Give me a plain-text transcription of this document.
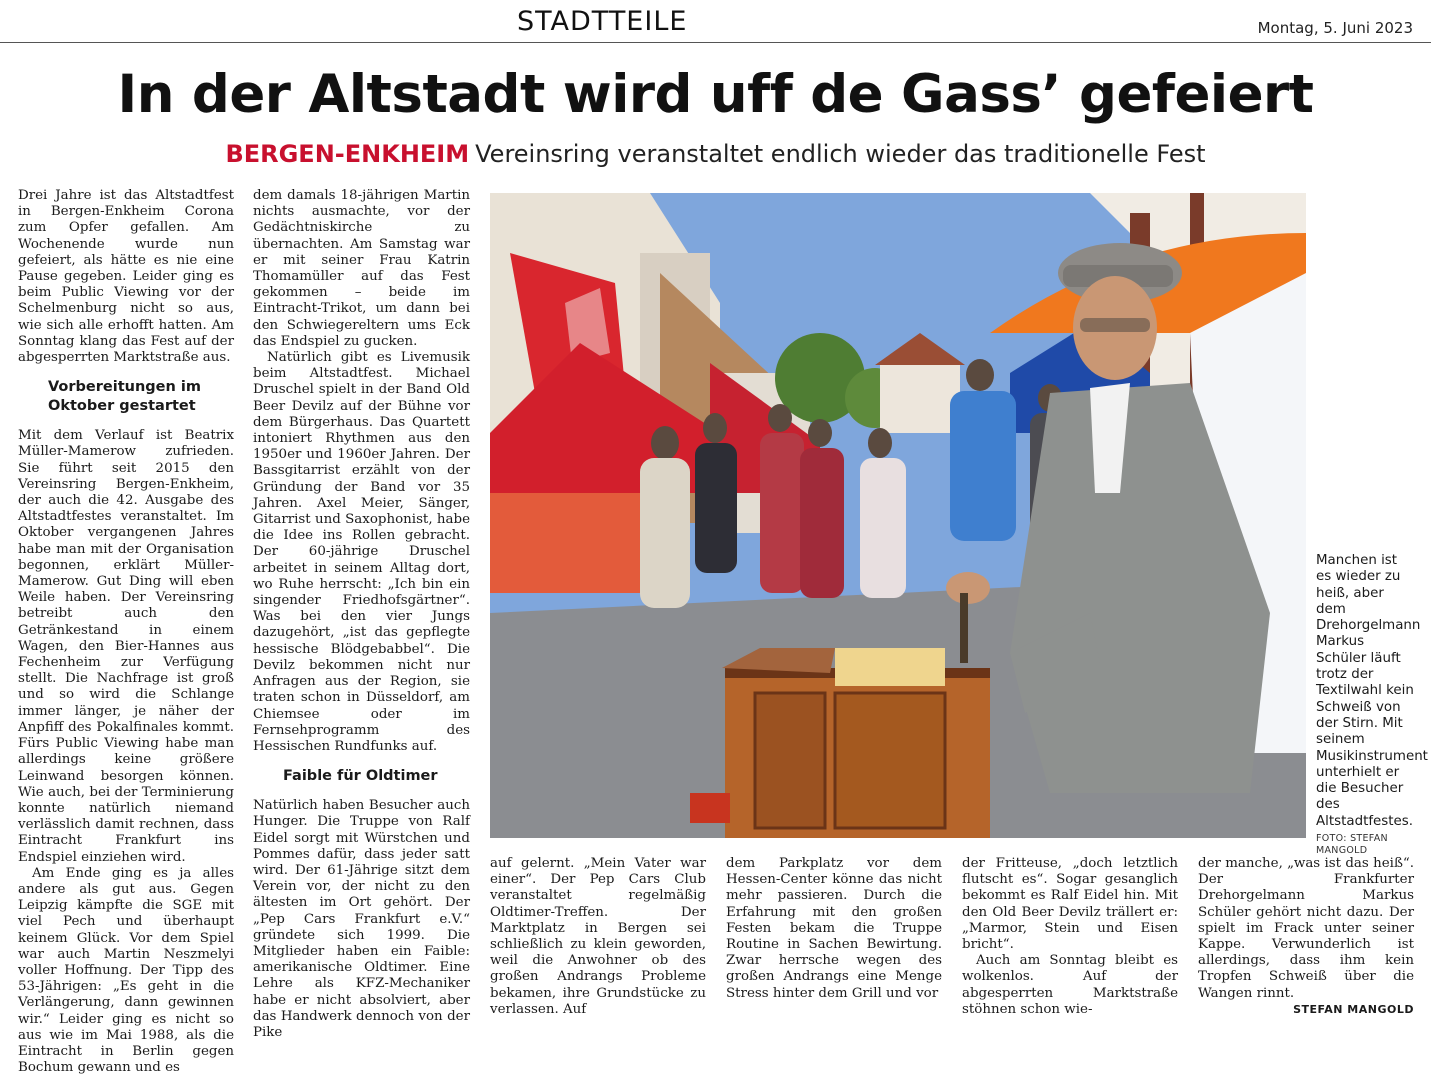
STADTTEILE	Montag, 5. Juni 2023
In der Altstadt wird uff de Gass’ gefeiert
BERGEN-ENKHEIM Vereinsring veranstaltet endlich wieder das traditionelle Fest

Drei Jahre ist das Altstadtfest in Bergen-Enkheim Corona zum Opfer gefallen. Am Wochenende wurde nun gefeiert, als hätte es nie eine Pause gegeben. Leider ging es beim Public Viewing vor der Schelmenburg nicht so aus, wie sich alle erhofft hatten. Am Sonntag klang das Fest auf der abgesperrten Marktstraße aus.

Vorbereitungen im Oktober gestartet

Mit dem Verlauf ist Beatrix Müller-Mamerow zufrieden. Sie führt seit 2015 den Vereinsring Bergen-Enkheim, der auch die 42. Ausgabe des Altstadtfestes veranstaltet. Im Oktober vergangenen Jahres habe man mit der Organisation begonnen, erklärt Müller-Mamerow. Gut Ding will eben Weile haben. Der Vereinsring betreibt auch den Getränkestand in einem Wagen, den Bier-Hannes aus Fechenheim zur Verfügung stellt. Die Nachfrage ist groß und so wird die Schlange immer länger, je näher der Anpfiff des Pokalfinales kommt. Fürs Public Viewing habe man allerdings keine größere Leinwand besorgen können. Wie auch, bei der Terminierung konnte natürlich niemand verlässlich damit rechnen, dass Eintracht Frankfurt ins Endspiel einziehen wird.

Am Ende ging es ja alles andere als gut aus. Gegen Leipzig kämpfte die SGE mit viel Pech und überhaupt keinem Glück. Vor dem Spiel war auch Martin Neszmelyi voller Hoffnung. Der Tipp des 53-Jährigen: „Es geht in die Verlängerung, dann gewinnen wir.“ Leider ging es nicht so aus wie im Mai 1988, als die Eintracht in Berlin gegen Bochum gewann und es

dem damals 18-jährigen Martin nichts ausmachte, vor der Gedächtniskirche zu übernachten. Am Samstag war er mit seiner Frau Katrin Thomamüller auf das Fest gekommen – beide im Eintracht-Trikot, um dann bei den Schwiegereltern ums Eck das Endspiel zu gucken.

Natürlich gibt es Livemusik beim Altstadtfest. Michael Druschel spielt in der Band Old Beer Devilz auf der Bühne vor dem Bürgerhaus. Das Quartett intoniert Rhythmen aus den 1950er und 1960er Jahren. Der Bassgitarrist erzählt von der Gründung der Band vor 35 Jahren. Axel Meier, Sänger, Gitarrist und Saxophonist, habe die Idee ins Rollen gebracht. Der 60-jährige Druschel arbeitet in seinem Alltag dort, wo Ruhe herrscht: „Ich bin ein singender Friedhofsgärtner“. Was bei den vier Jungs dazugehört, „ist das gepflegte hessische Blödgebabbel“. Die Devilz bekommen nicht nur Anfragen aus der Region, sie traten schon in Düsseldorf, am Chiemsee oder im Fernsehprogramm des Hessischen Rundfunks auf.

Faible für Oldtimer

Natürlich haben Besucher auch Hunger. Die Truppe von Ralf Eidel sorgt mit Würstchen und Pommes dafür, dass jeder satt wird. Der 61-Jährige sitzt dem Verein vor, der nicht zu den ältesten im Ort gehört. Der „Pep Cars Frankfurt e.V.“ gründete sich 1999. Die Mitglieder haben ein Faible: amerikanische Oldtimer. Eine Lehre als KFZ-Mechaniker habe er nicht absolviert, aber das Handwerk dennoch von der Pike

Manchen ist es wieder zu heiß, aber dem Drehorgelmann Markus Schüler läuft trotz der Textilwahl kein Schweiß von der Stirn. Mit seinem Musikinstrument unterhielt er die Besucher des Altstadtfestes.
FOTO: STEFAN MANGOLD

auf gelernt. „Mein Vater war einer“. Der Pep Cars Club veranstaltet regelmäßig Oldtimer-Treffen. Der Marktplatz in Bergen sei schließlich zu klein geworden, weil die Anwohner ob des großen Andrangs Probleme bekamen, ihre Grundstücke zu verlassen. Auf

dem Parkplatz vor dem Hessen-Center könne das nicht mehr passieren. Durch die Erfahrung mit den großen Festen bekam die Truppe Routine in Sachen Bewirtung. Zwar herrsche wegen des großen Andrangs eine Menge Stress hinter dem Grill und vor

der Fritteuse, „doch letztlich flutscht es“. Sogar gesanglich bekommt es Ralf Eidel hin. Mit den Old Beer Devilz trällert er: „Marmor, Stein und Eisen bricht“.

Auch am Sonntag bleibt es wolkenlos. Auf der abgesperrten Marktstraße stöhnen schon wie-

der manche, „was ist das heiß“. Der Frankfurter Drehorgelmann Markus Schüler gehört nicht dazu. Der spielt im Frack unter seiner Kappe. Verwunderlich ist allerdings, dass ihm kein Tropfen Schweiß über die Wangen rinnt.

STEFAN MANGOLD
